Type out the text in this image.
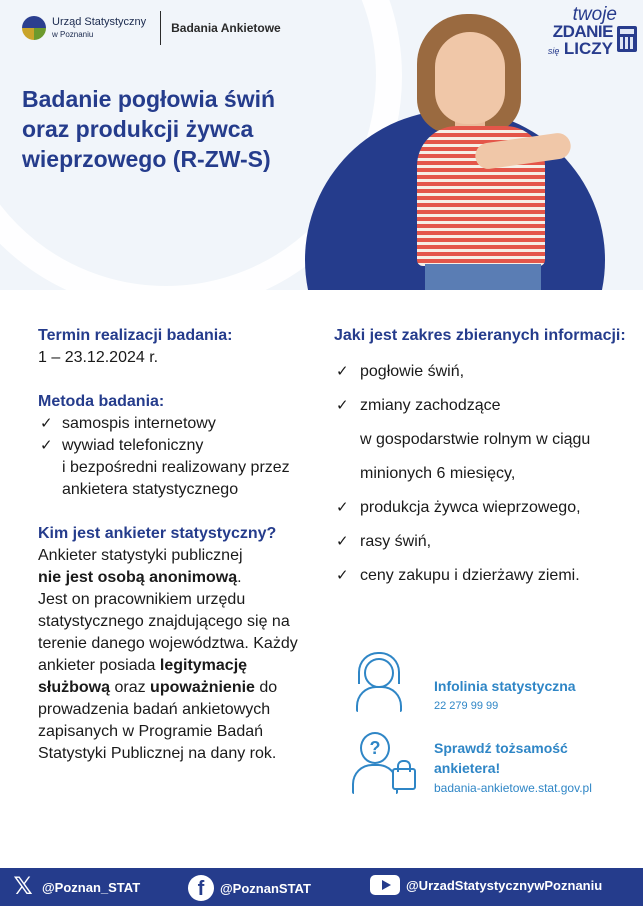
Urząd Statystyczny
w Poznaniu	Badania Ankietowe
twoje
ZDANIE
się LICZY
Badanie pogłowia świń oraz produkcji żywca wieprzowego (R-ZW-S)

Termin realizacji badania:

1 – 23.12.2024 r.

Metoda badania:

✓ samospis internetowy
✓ wywiad telefoniczny
i bezpośredni realizowany przez ankietera statystycznego

Kim jest ankieter statystyczny?

Ankieter statystyki publicznej
nie jest osobą anonimową.

Jest on pracownikiem urzędu statystycznego znajdującego się na terenie danego województwa. Każdy ankieter posiada legitymację służbową oraz upoważnienie do prowadzenia badań ankietowych zapisanych w Programie Badań Statystyki Publicznej na dany rok.

Jaki jest zakres zbieranych informacji:

✓ pogłowie świń,
✓ zmiany zachodzące
w gospodarstwie rolnym w ciągu minionych 6 miesięcy,
✓ produkcja żywca wieprzowego,
✓ rasy świń,
✓ ceny zakupu i dzierżawy ziemi.

Infolinia statystyczna

22 279 99 99

?	Sprawdź tożsamość ankietera!

badania-ankietowe.stat.gov.pl

𝕏 @Poznan_STAT	f	@PoznanSTAT	@UrzadStatystycznywPoznaniu
